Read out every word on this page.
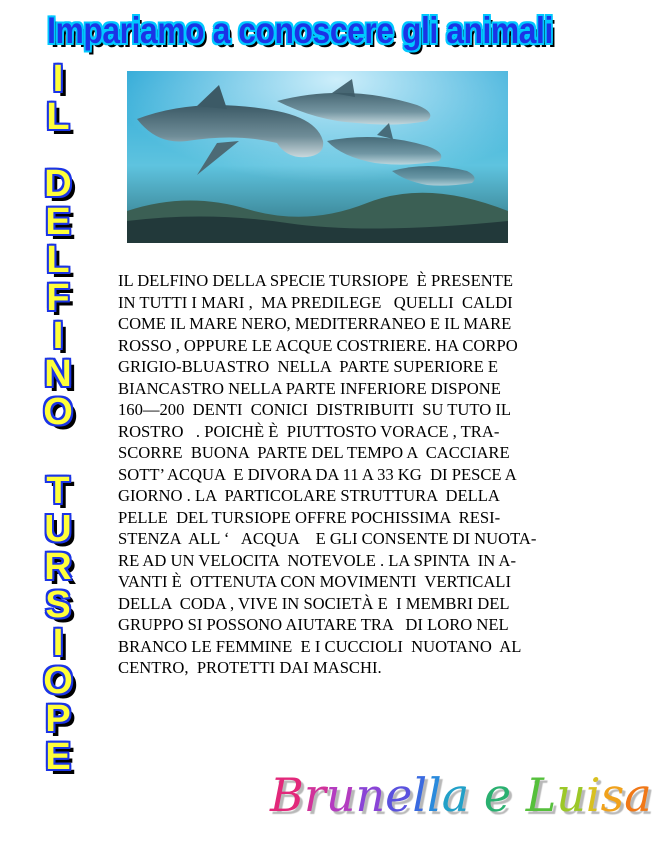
Impariamo a conoscere gli animali
I
L
D
E
L
F
I
N
O
T
U
R
S
I
O
P
E
IL DELFINO DELLA SPECIE TURSIOPE  È PRESENTE
IN TUTTI I MARI ,  MA PREDILEGE   QUELLI  CALDI
COME IL MARE NERO, MEDITERRANEO E IL MARE
ROSSO , OPPURE LE ACQUE COSTRIERE. HA CORPO
GRIGIO-BLUASTRO  NELLA  PARTE SUPERIORE E
BIANCASTRO NELLA PARTE INFERIORE DISPONE
160—200  DENTI  CONICI  DISTRIBUITI  SU TUTO IL
ROSTRO   . POICHÈ È  PIUTTOSTO VORACE , TRA-
SCORRE  BUONA  PARTE DEL TEMPO A  CACCIARE
SOTT’ ACQUA  E DIVORA DA 11 A 33 KG  DI PESCE A
GIORNO . LA  PARTICOLARE STRUTTURA  DELLA
PELLE  DEL TURSIOPE OFFRE POCHISSIMA  RESI-
STENZA  ALL ‘   ACQUA    E GLI CONSENTE DI NUOTA-
RE AD UN VELOCITA  NOTEVOLE . LA SPINTA  IN A-
VANTI È  OTTENUTA CON MOVIMENTI  VERTICALI
DELLA  CODA , VIVE IN SOCIETÀ E  I MEMBRI DEL
GRUPPO SI POSSONO AIUTARE TRA   DI LORO NEL
BRANCO LE FEMMINE  E I CUCCIOLI  NUOTANO  AL
CENTRO,  PROTETTI DAI MASCHI.
Brunella e Luisa
